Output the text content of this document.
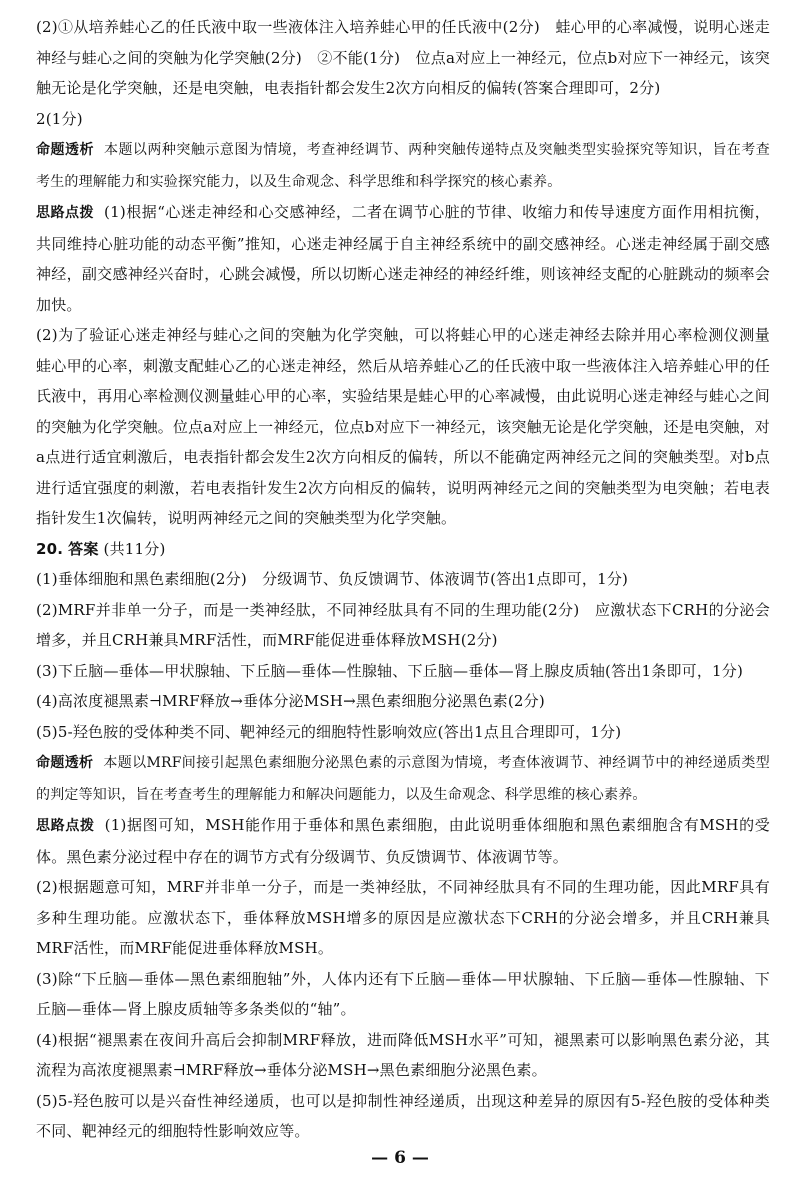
(2)①从培养蛙心乙的任氏液中取一些液体注入培养蛙心甲的任氏液中(2分)　蛙心甲的心率减慢，说明心迷走神经与蛙心之间的突触为化学突触(2分)　②不能(1分)　位点a对应上一神经元，位点b对应下一神经元，该突触无论是化学突触，还是电突触，电表指针都会发生2次方向相反的偏转(答案合理即可，2分)

2(1分)

命题透析 本题以两种突触示意图为情境，考查神经调节、两种突触传递特点及突触类型实验探究等知识，旨在考查考生的理解能力和实验探究能力，以及生命观念、科学思维和科学探究的核心素养。

思路点拨 (1)根据“心迷走神经和心交感神经，二者在调节心脏的节律、收缩力和传导速度方面作用相抗衡，共同维持心脏功能的动态平衡”推知，心迷走神经属于自主神经系统中的副交感神经。心迷走神经属于副交感神经，副交感神经兴奋时，心跳会减慢，所以切断心迷走神经的神经纤维，则该神经支配的心脏跳动的频率会加快。

(2)为了验证心迷走神经与蛙心之间的突触为化学突触，可以将蛙心甲的心迷走神经去除并用心率检测仪测量蛙心甲的心率，刺激支配蛙心乙的心迷走神经，然后从培养蛙心乙的任氏液中取一些液体注入培养蛙心甲的任氏液中，再用心率检测仪测量蛙心甲的心率，实验结果是蛙心甲的心率减慢，由此说明心迷走神经与蛙心之间的突触为化学突触。位点a对应上一神经元，位点b对应下一神经元，该突触无论是化学突触，还是电突触，对a点进行适宜刺激后，电表指针都会发生2次方向相反的偏转，所以不能确定两神经元之间的突触类型。对b点进行适宜强度的刺激，若电表指针发生2次方向相反的偏转，说明两神经元之间的突触类型为电突触；若电表指针发生1次偏转，说明两神经元之间的突触类型为化学突触。

20. 答案 (共11分)

(1)垂体细胞和黑色素细胞(2分)　分级调节、负反馈调节、体液调节(答出1点即可，1分)

(2)MRF并非单一分子，而是一类神经肽，不同神经肽具有不同的生理功能(2分)　应激状态下CRH的分泌会增多，并且CRH兼具MRF活性，而MRF能促进垂体释放MSH(2分)

(3)下丘脑—垂体—甲状腺轴、下丘脑—垂体—性腺轴、下丘脑—垂体—肾上腺皮质轴(答出1条即可，1分)

(4)高浓度褪黑素⊣MRF释放→垂体分泌MSH→黑色素细胞分泌黑色素(2分)

(5)5-羟色胺的受体种类不同、靶神经元的细胞特性影响效应(答出1点且合理即可，1分)

命题透析 本题以MRF间接引起黑色素细胞分泌黑色素的示意图为情境，考查体液调节、神经调节中的神经递质类型的判定等知识，旨在考查考生的理解能力和解决问题能力，以及生命观念、科学思维的核心素养。

思路点拨 (1)据图可知，MSH能作用于垂体和黑色素细胞，由此说明垂体细胞和黑色素细胞含有MSH的受体。黑色素分泌过程中存在的调节方式有分级调节、负反馈调节、体液调节等。

(2)根据题意可知，MRF并非单一分子，而是一类神经肽，不同神经肽具有不同的生理功能，因此MRF具有多种生理功能。应激状态下，垂体释放MSH增多的原因是应激状态下CRH的分泌会增多，并且CRH兼具MRF活性，而MRF能促进垂体释放MSH。

(3)除“下丘脑—垂体—黑色素细胞轴”外，人体内还有下丘脑—垂体—甲状腺轴、下丘脑—垂体—性腺轴、下丘脑—垂体—肾上腺皮质轴等多条类似的“轴”。

(4)根据“褪黑素在夜间升高后会抑制MRF释放，进而降低MSH水平”可知，褪黑素可以影响黑色素分泌，其流程为高浓度褪黑素⊣MRF释放→垂体分泌MSH→黑色素细胞分泌黑色素。

(5)5-羟色胺可以是兴奋性神经递质，也可以是抑制性神经递质，出现这种差异的原因有5-羟色胺的受体种类不同、靶神经元的细胞特性影响效应等。

— 6 —
